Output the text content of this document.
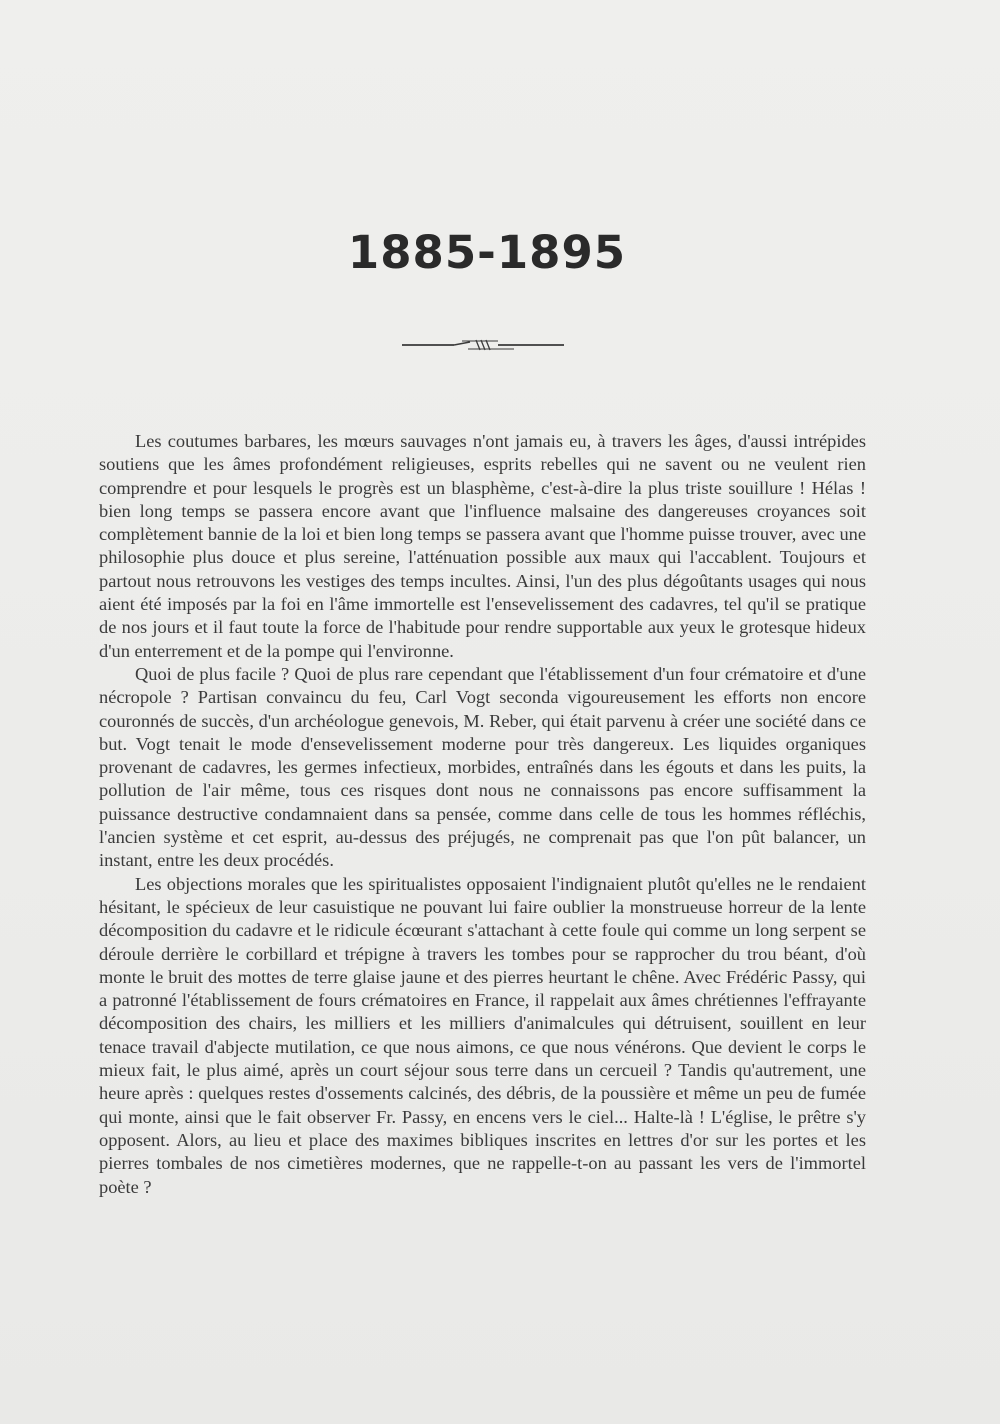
1885-1895

Les coutumes barbares, les mœurs sauvages n'ont jamais eu, à travers les âges, d'aussi intrépides soutiens que les âmes profondément religieuses, esprits rebelles qui ne savent ou ne veulent rien comprendre et pour lesquels le progrès est un blasphème, c'est-à-dire la plus triste souillure ! Hélas ! bien long temps se passera encore avant que l'influence malsaine des dangereuses croyances soit complètement bannie de la loi et bien long temps se passera avant que l'homme puisse trouver, avec une philosophie plus douce et plus sereine, l'atténuation possible aux maux qui l'accablent. Toujours et partout nous retrouvons les vestiges des temps incultes. Ainsi, l'un des plus dégoûtants usages qui nous aient été imposés par la foi en l'âme immortelle est l'ensevelissement des cadavres, tel qu'il se pratique de nos jours et il faut toute la force de l'habitude pour rendre supportable aux yeux le grotesque hideux d'un enterrement et de la pompe qui l'environne.

Quoi de plus facile ? Quoi de plus rare cependant que l'établissement d'un four crématoire et d'une nécropole ? Partisan convaincu du feu, Carl Vogt seconda vigoureusement les efforts non encore couronnés de succès, d'un archéologue genevois, M. Reber, qui était parvenu à créer une société dans ce but. Vogt tenait le mode d'ensevelissement moderne pour très dangereux. Les liquides organiques provenant de cadavres, les germes infectieux, morbides, entraînés dans les égouts et dans les puits, la pollution de l'air même, tous ces risques dont nous ne connaissons pas encore suffisamment la puissance destructive condamnaient dans sa pensée, comme dans celle de tous les hommes réfléchis, l'ancien système et cet esprit, au-dessus des préjugés, ne comprenait pas que l'on pût balancer, un instant, entre les deux procédés.

Les objections morales que les spiritualistes opposaient l'indignaient plutôt qu'elles ne le rendaient hésitant, le spécieux de leur casuistique ne pouvant lui faire oublier la monstrueuse horreur de la lente décomposition du cadavre et le ridicule écœurant s'attachant à cette foule qui comme un long serpent se déroule derrière le corbillard et trépigne à travers les tombes pour se rapprocher du trou béant, d'où monte le bruit des mottes de terre glaise jaune et des pierres heurtant le chêne. Avec Frédéric Passy, qui a patronné l'établissement de fours crématoires en France, il rappelait aux âmes chrétiennes l'effrayante décomposition des chairs, les milliers et les milliers d'animalcules qui détruisent, souillent en leur tenace travail d'abjecte mutilation, ce que nous aimons, ce que nous vénérons. Que devient le corps le mieux fait, le plus aimé, après un court séjour sous terre dans un cercueil ? Tandis qu'autrement, une heure après : quelques restes d'ossements calcinés, des débris, de la poussière et même un peu de fumée qui monte, ainsi que le fait observer Fr. Passy, en encens vers le ciel... Halte-là ! L'église, le prêtre s'y opposent. Alors, au lieu et place des maximes bibliques inscrites en lettres d'or sur les portes et les pierres tombales de nos cimetières modernes, que ne rappelle-t-on au passant les vers de l'immortel poète ?
